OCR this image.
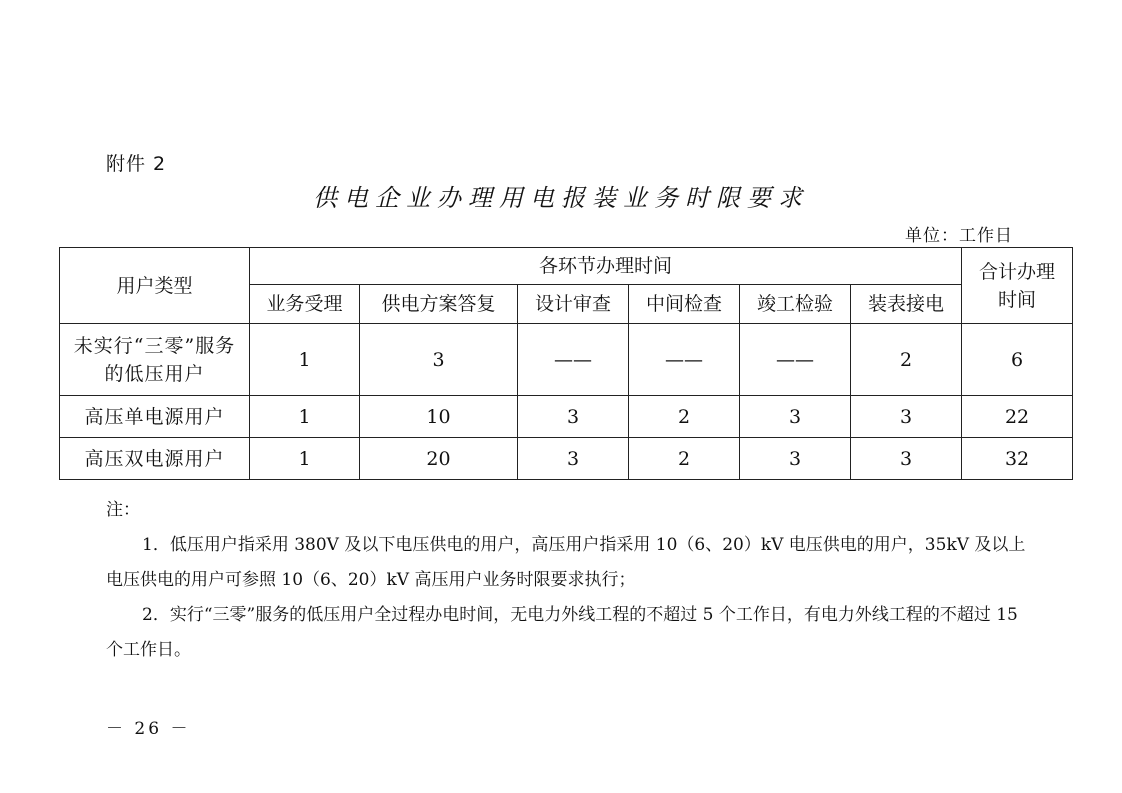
附件 2
供电企业办理用电报装业务时限要求
单位：工作日
用户类型	各环节办理时间						合计办理
时间

	业务受理	供电方案答复	设计审查	中间检查	竣工检验	装表接电	

未实行“三零”服务
的低压用户	1	3	——	——	——	2	6
高压单电源用户	1	10	3	2	3	3	22
高压双电源用户	1	20	3	2	3	3	32

注：

1．低压用户指采用 380V 及以下电压供电的用户，高压用户指采用 10（6、20）kV 电压供电的用户，35kV 及以上电压供电的用户可参照 10（6、20）kV 高压用户业务时限要求执行；

2．实行“三零”服务的低压用户全过程办电时间，无电力外线工程的不超过 5 个工作日，有电力外线工程的不超过 15 个工作日。

－ 26 －
